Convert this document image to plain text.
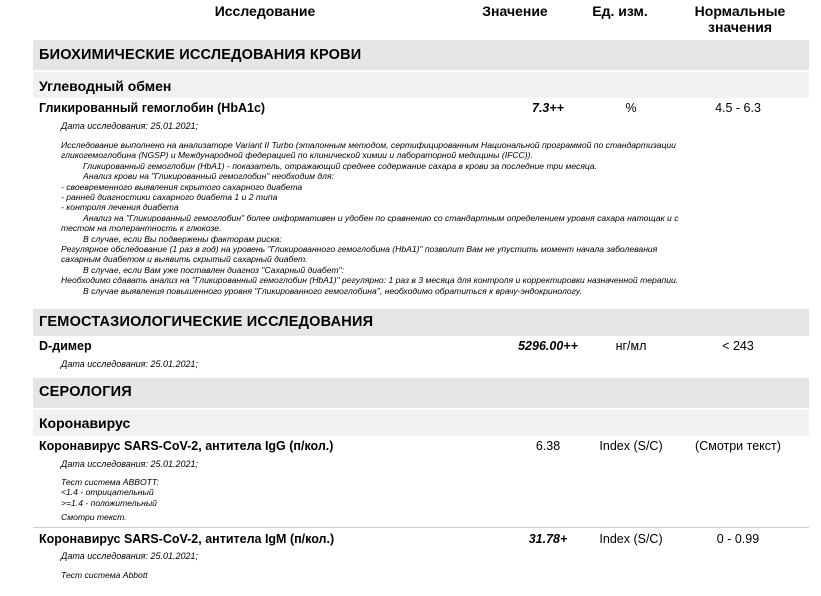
Исследование	Значение	Ед. изм.	Нормальные
значения
БИОХИМИЧЕСКИЕ ИССЛЕДОВАНИЯ КРОВИ
Углеводный обмен
Гликированный гемоглобин (HbA1c)	7.3++	%	4.5 - 6.3
Дата исследования: 25.01.2021;
Исследование выполнено на анализаторе Variant II Turbo (эталонным методом, сертифицированным Национальной программой по стандартизации
гликогемоглобина (NGSP) и Международной федерацией по клинической химии и лабораторной медицины (IFCC)).
Гликированный гемоглобин (HbA1) - показатель, отражающий среднее содержание сахара в крови за последние три месяца.
Анализ крови на "Гликированный гемоглобин" необходим для:
- своевременного выявления скрытого сахарного диабета
- ранней диагностики сахарного диабета 1 и 2 типа
- контроля лечения диабета
Анализ на "Гликированный гемоглобин" более информативен и удобен по сравнению со стандартным определением уровня сахара натощак и с
тестом на толерантность к глюкозе.
В случае, если Вы подвержены факторам риска:
Регулярное обследование (1 раз в год) на уровень "Гликированного гемоглобина (HbA1)" позволит Вам не упустить момент начала заболевания
сахарным диабетом и выявить скрытый сахарный диабет.
В случае, если Вам уже поставлен диагноз "Сахарный диабет":
Необходимо сдавать анализ на "Гликированный гемоглобин (HbA1)" регулярно: 1 раз в 3 месяца для контроля и корректировки назначенной терапии.
В случае выявления повышенного уровня "Гликированного гемоглобина", необходимо обратиться к врачу-эндокринологу.
ГЕМОСТАЗИОЛОГИЧЕСКИЕ ИССЛЕДОВАНИЯ
D-димер	5296.00++	нг/мл	< 243
Дата исследования: 25.01.2021;
СЕРОЛОГИЯ
Коронавирус
Коронавирус SARS-CoV-2, антитела IgG (п/кол.)	6.38	Index (S/C)	(Смотри текст)
Дата исследования: 25.01.2021;
Тест система ABBOTT:
<1.4 - отрицательный
>=1.4 - положительный
Смотри текст.
Коронавирус SARS-CoV-2, антитела IgM (п/кол.)	31.78+	Index (S/C)	0 - 0.99
Дата исследования: 25.01.2021;
Тест система Abbott
